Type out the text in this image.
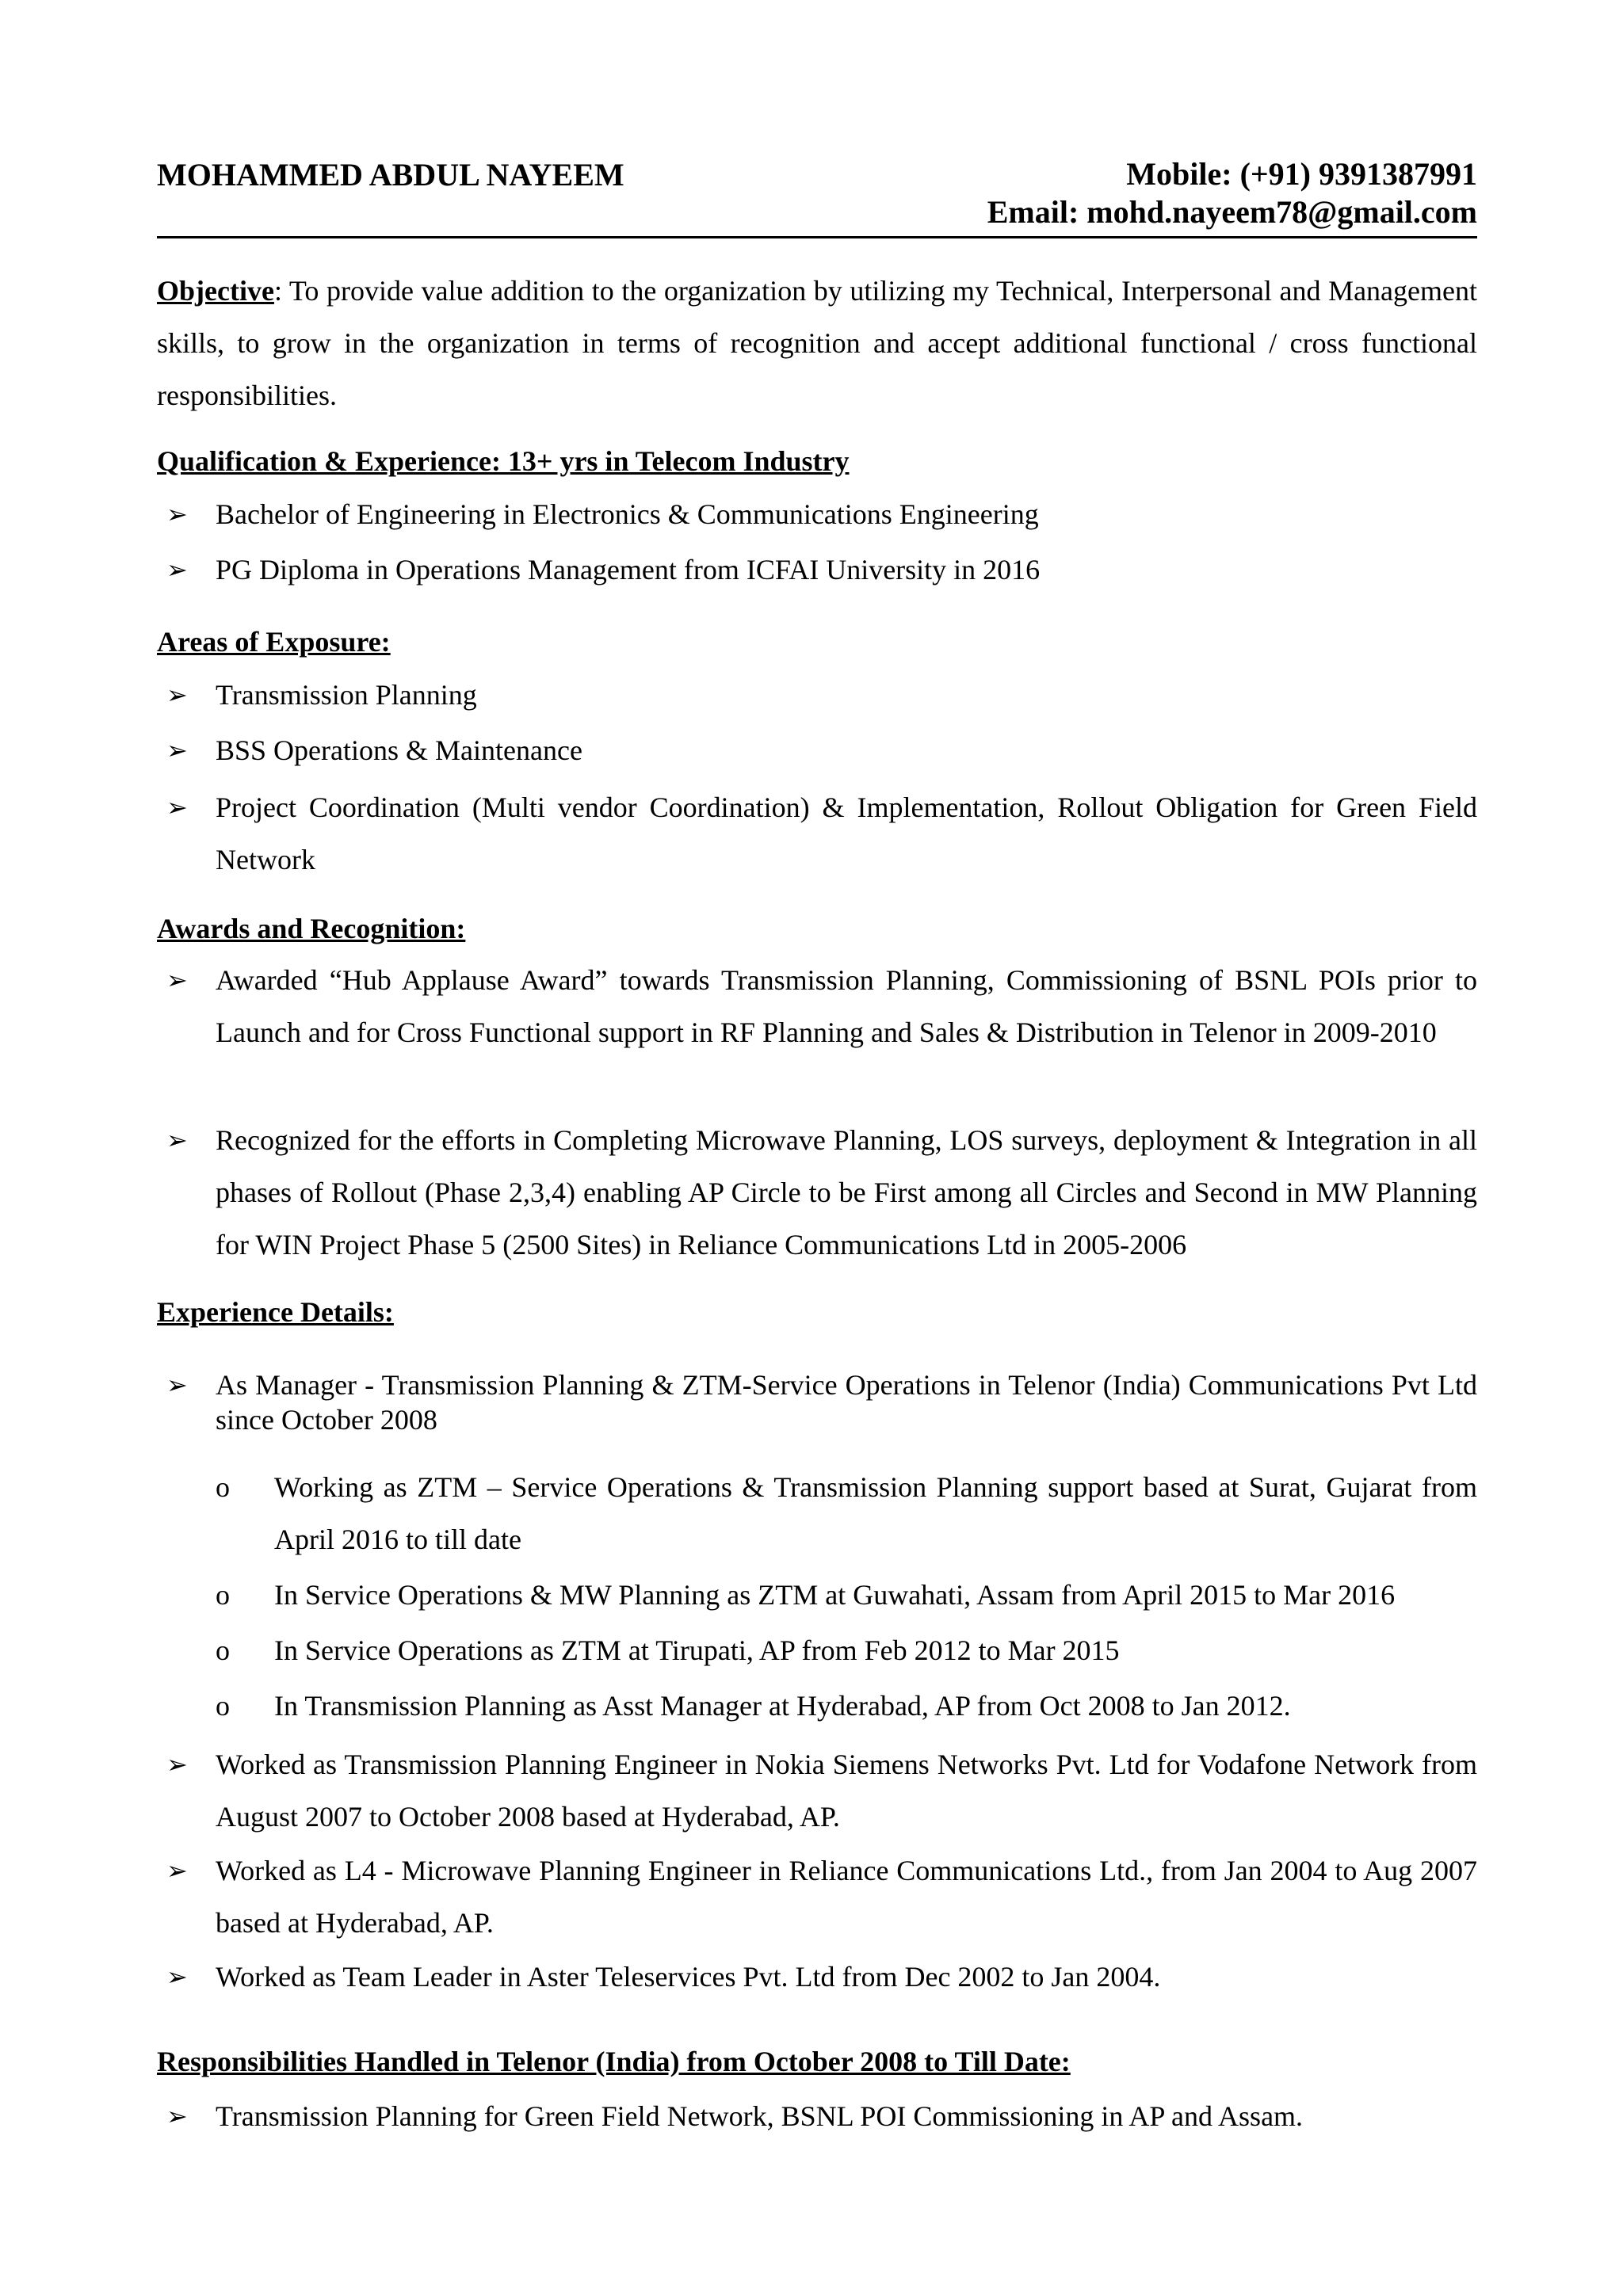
MOHAMMED ABDUL NAYEEM	Mobile: (+91) 9391387991
Email: mohd.nayeem78@gmail.com
Objective: To provide value addition to the organization by utilizing my Technical, Interpersonal and Management skills, to grow in the organization in terms of recognition and accept additional functional / cross functional responsibilities.
Qualification & Experience: 13+ yrs in Telecom Industry
➢ Bachelor of Engineering in Electronics & Communications Engineering
➢ PG Diploma in Operations Management from ICFAI University in 2016
Areas of Exposure:
➢ Transmission Planning
➢ BSS Operations & Maintenance
➢ Project Coordination (Multi vendor Coordination) & Implementation, Rollout Obligation for Green Field Network
Awards and Recognition:
➢ Awarded “Hub Applause Award” towards Transmission Planning, Commissioning of BSNL POIs prior to Launch and for Cross Functional support in RF Planning and Sales & Distribution in Telenor in 2009-2010
➢ Recognized for the efforts in Completing Microwave Planning, LOS surveys, deployment & Integration in all phases of Rollout (Phase 2,3,4) enabling AP Circle to be First among all Circles and Second in MW Planning for WIN Project Phase 5 (2500 Sites) in Reliance Communications Ltd in 2005-2006
Experience Details:
➢ As Manager - Transmission Planning & ZTM-Service Operations in Telenor (India) Communications Pvt Ltd since October 2008
o Working as ZTM – Service Operations & Transmission Planning support based at Surat, Gujarat from April 2016 to till date
o In Service Operations & MW Planning as ZTM at Guwahati, Assam from April 2015 to Mar 2016
o In Service Operations as ZTM at Tirupati, AP from Feb 2012 to Mar 2015
o In Transmission Planning as Asst Manager at Hyderabad, AP from Oct 2008 to Jan 2012.
➢ Worked as Transmission Planning Engineer in Nokia Siemens Networks Pvt. Ltd for Vodafone Network from August 2007 to October 2008 based at Hyderabad, AP.
➢ Worked as L4 - Microwave Planning Engineer in Reliance Communications Ltd., from Jan 2004 to Aug 2007 based at Hyderabad, AP.
➢ Worked as Team Leader in Aster Teleservices Pvt. Ltd from Dec 2002 to Jan 2004.
Responsibilities Handled in Telenor (India) from October 2008 to Till Date:
➢ Transmission Planning for Green Field Network, BSNL POI Commissioning in AP and Assam.
